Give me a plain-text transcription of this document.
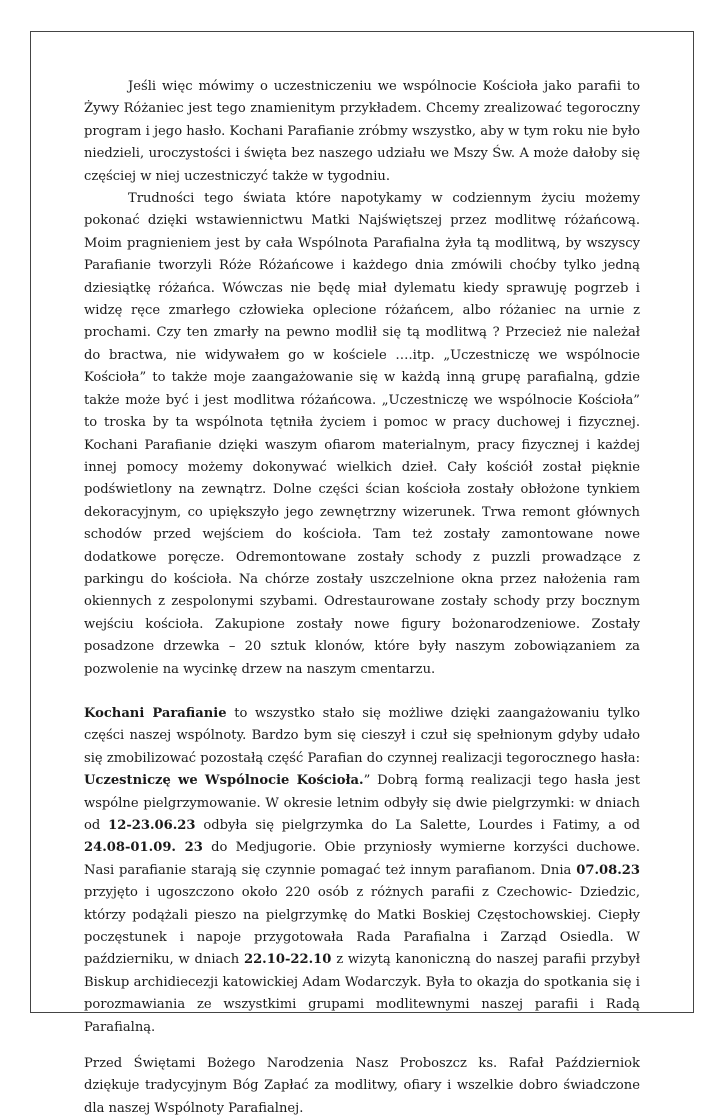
Jeśli więc mówimy o uczestniczeniu we wspólnocie Kościoła jako parafii to Żywy Różaniec jest tego znamienitym przykładem. Chcemy zrealizować tegoroczny program i jego hasło. Kochani Parafianie zróbmy wszystko, aby w tym roku nie było niedzieli, uroczystości i święta bez naszego udziału we Mszy Św. A może dałoby się częściej w niej uczestniczyć także w tygodniu.

Trudności tego świata które napotykamy w codziennym życiu możemy pokonać dzięki wstawiennictwu Matki Najświętszej przez modlitwę różańcową. Moim pragnieniem jest by cała Wspólnota Parafialna żyła tą modlitwą, by wszyscy Parafianie tworzyli Róże Różańcowe i każdego dnia zmówili choćby tylko jedną dziesiątkę różańca. Wówczas nie będę miał dylematu kiedy sprawuję pogrzeb i widzę ręce zmarłego człowieka oplecione różańcem, albo różaniec na urnie z prochami. Czy ten zmarły na pewno modlił się tą modlitwą ? Przecież nie należał do bractwa, nie widywałem go w kościele ….itp. „Uczestniczę we wspólnocie Kościoła” to także moje zaangażowanie się w każdą inną grupę parafialną, gdzie także może być i jest modlitwa różańcowa. „Uczestniczę we wspólnocie Kościoła” to troska by ta wspólnota tętniła życiem i pomoc w pracy duchowej i fizycznej. Kochani Parafianie dzięki waszym ofiarom materialnym, pracy fizycznej i każdej innej pomocy możemy dokonywać wielkich dzieł. Cały kościół został pięknie podświetlony na zewnątrz. Dolne części ścian kościoła zostały obłożone tynkiem dekoracyjnym, co upiększyło jego zewnętrzny wizerunek. Trwa remont głównych schodów przed wejściem do kościoła. Tam też zostały zamontowane nowe dodatkowe poręcze. Odremontowane zostały schody z puzzli prowadzące z parkingu do kościoła. Na chórze zostały uszczelnione okna przez nałożenia ram okiennych z zespolonymi szybami. Odrestaurowane zostały schody przy bocznym wejściu kościoła. Zakupione zostały nowe figury bożonarodzeniowe. Zostały posadzone drzewka – 20 sztuk klonów, które były naszym zobowiązaniem za pozwolenie na wycinkę drzew na naszym cmentarzu.

Kochani Parafianie to wszystko stało się możliwe dzięki zaangażowaniu tylko części naszej wspólnoty. Bardzo bym się cieszył i czuł się spełnionym gdyby udało się zmobilizować pozostałą część Parafian do czynnej realizacji tegorocznego hasła: Uczestniczę we Wspólnocie Kościoła.” Dobrą formą realizacji tego hasła jest wspólne pielgrzymowanie. W okresie letnim odbyły się dwie pielgrzymki: w dniach od 12-23.06.23 odbyła się pielgrzymka do La Salette, Lourdes i Fatimy, a od 24.08-01.09. 23 do Medjugorie. Obie przyniosły wymierne korzyści duchowe. Nasi parafianie starają się czynnie pomagać też innym parafianom. Dnia 07.08.23 przyjęto i ugoszczono około 220 osób z różnych parafii z Czechowic- Dziedzic, którzy podążali pieszo na pielgrzymkę do Matki Boskiej Częstochowskiej. Ciepły poczęstunek i napoje przygotowała Rada Parafialna i Zarząd Osiedla. W październiku, w dniach 22.10-22.10 z wizytą kanoniczną do naszej parafii przybył Biskup archidiecezji katowickiej Adam Wodarczyk. Była to okazja do spotkania się i porozmawiania ze wszystkimi grupami modlitewnymi naszej parafii i Radą Parafialną.

Przed Świętami Bożego Narodzenia Nasz Proboszcz ks. Rafał Październiok dziękuje tradycyjnym Bóg Zapłać za modlitwy, ofiary i wszelkie dobro świadczone dla naszej Wspólnoty Parafialnej.
